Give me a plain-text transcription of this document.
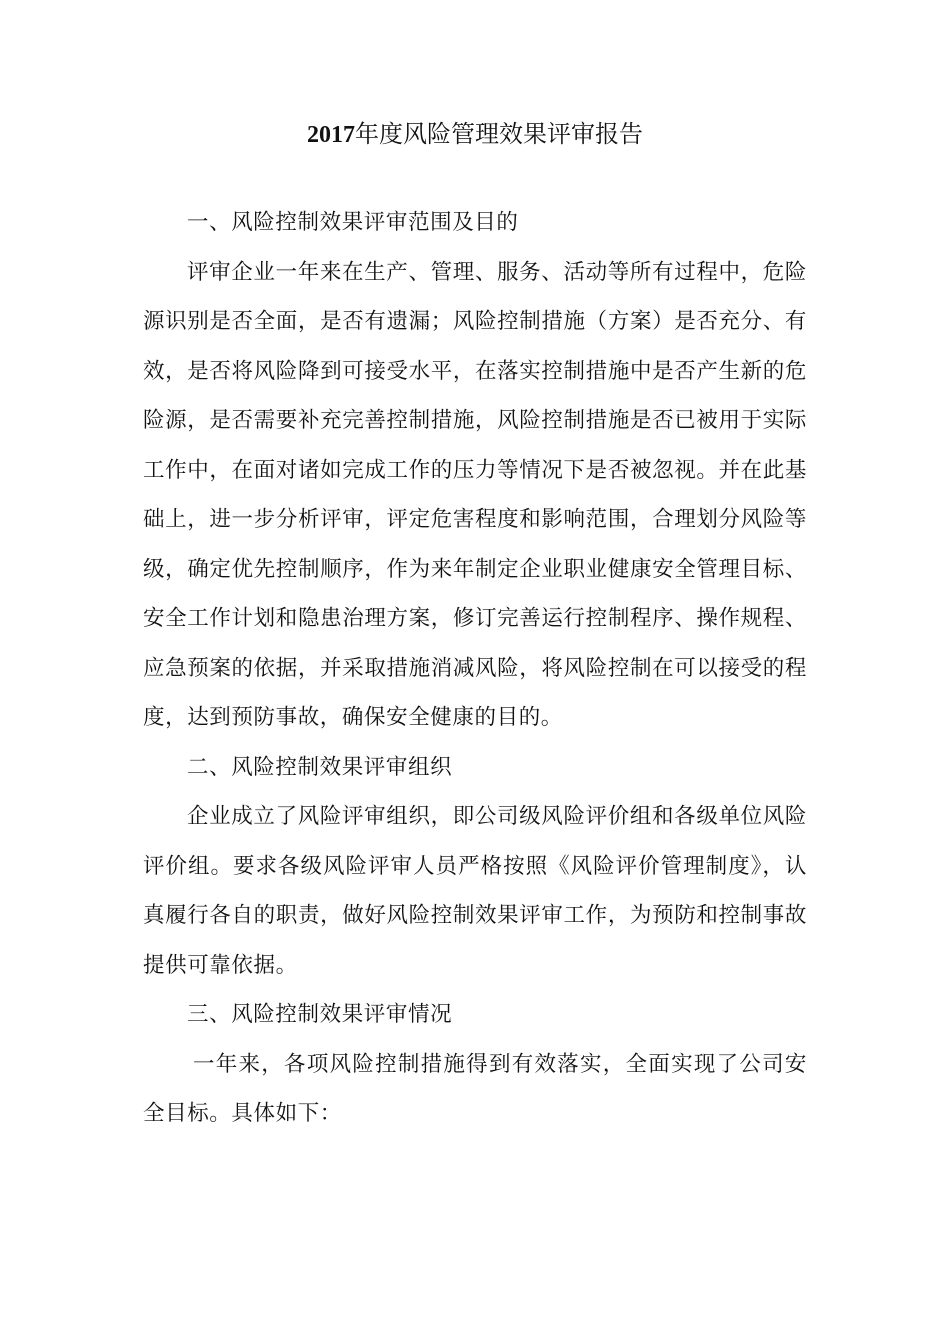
2017年度风险管理效果评审报告

一、风险控制效果评审范围及目的

评审企业一年来在生产、管理、服务、活动等所有过程中，危险源识别是否全面，是否有遗漏；风险控制措施（方案）是否充分、有效，是否将风险降到可接受水平，在落实控制措施中是否产生新的危险源，是否需要补充完善控制措施，风险控制措施是否已被用于实际工作中，在面对诸如完成工作的压力等情况下是否被忽视。并在此基础上，进一步分析评审，评定危害程度和影响范围，合理划分风险等级，确定优先控制顺序，作为来年制定企业职业健康安全管理目标、安全工作计划和隐患治理方案，修订完善运行控制程序、操作规程、应急预案的依据，并采取措施消减风险，将风险控制在可以接受的程度，达到预防事故，确保安全健康的目的。

二、风险控制效果评审组织

企业成立了风险评审组织，即公司级风险评价组和各级单位风险评价组。要求各级风险评审人员严格按照《风险评价管理制度》，认真履行各自的职责，做好风险控制效果评审工作，为预防和控制事故提供可靠依据。

三、风险控制效果评审情况

一年来，各项风险控制措施得到有效落实，全面实现了公司安全目标。具体如下：
